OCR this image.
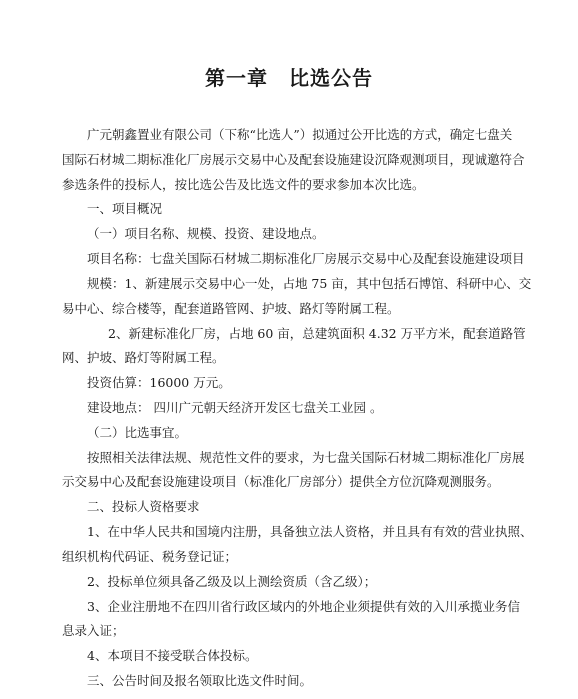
第一章　比选公告
广元朝鑫置业有限公司（下称“比选人”）拟通过公开比选的方式，确定七盘关
国际石材城二期标准化厂房展示交易中心及配套设施建设沉降观测项目，现诚邀符合
参选条件的投标人，按比选公告及比选文件的要求参加本次比选。
一、项目概况
（一）项目名称、规模、投资、建设地点。
项目名称：七盘关国际石材城二期标准化厂房展示交易中心及配套设施建设项目
规模：1、新建展示交易中心一处，占地 75 亩，其中包括石博馆、科研中心、交
易中心、综合楼等，配套道路管网、护坡、路灯等附属工程。
2、新建标准化厂房，占地 60 亩，总建筑面积 4.32 万平方米，配套道路管
网、护坡、路灯等附属工程。
投资估算：16000 万元。
建设地点： 四川广元朝天经济开发区七盘关工业园 。
（二）比选事宜。
按照相关法律法规、规范性文件的要求，为七盘关国际石材城二期标准化厂房展
示交易中心及配套设施建设项目（标准化厂房部分）提供全方位沉降观测服务。
二、投标人资格要求
1、在中华人民共和国境内注册，具备独立法人资格，并且具有有效的营业执照、
组织机构代码证、税务登记证；
2、投标单位须具备乙级及以上测绘资质（含乙级）；
3、企业注册地不在四川省行政区域内的外地企业须提供有效的入川承揽业务信
息录入证；
4、本项目不接受联合体投标。
三、公告时间及报名领取比选文件时间。
